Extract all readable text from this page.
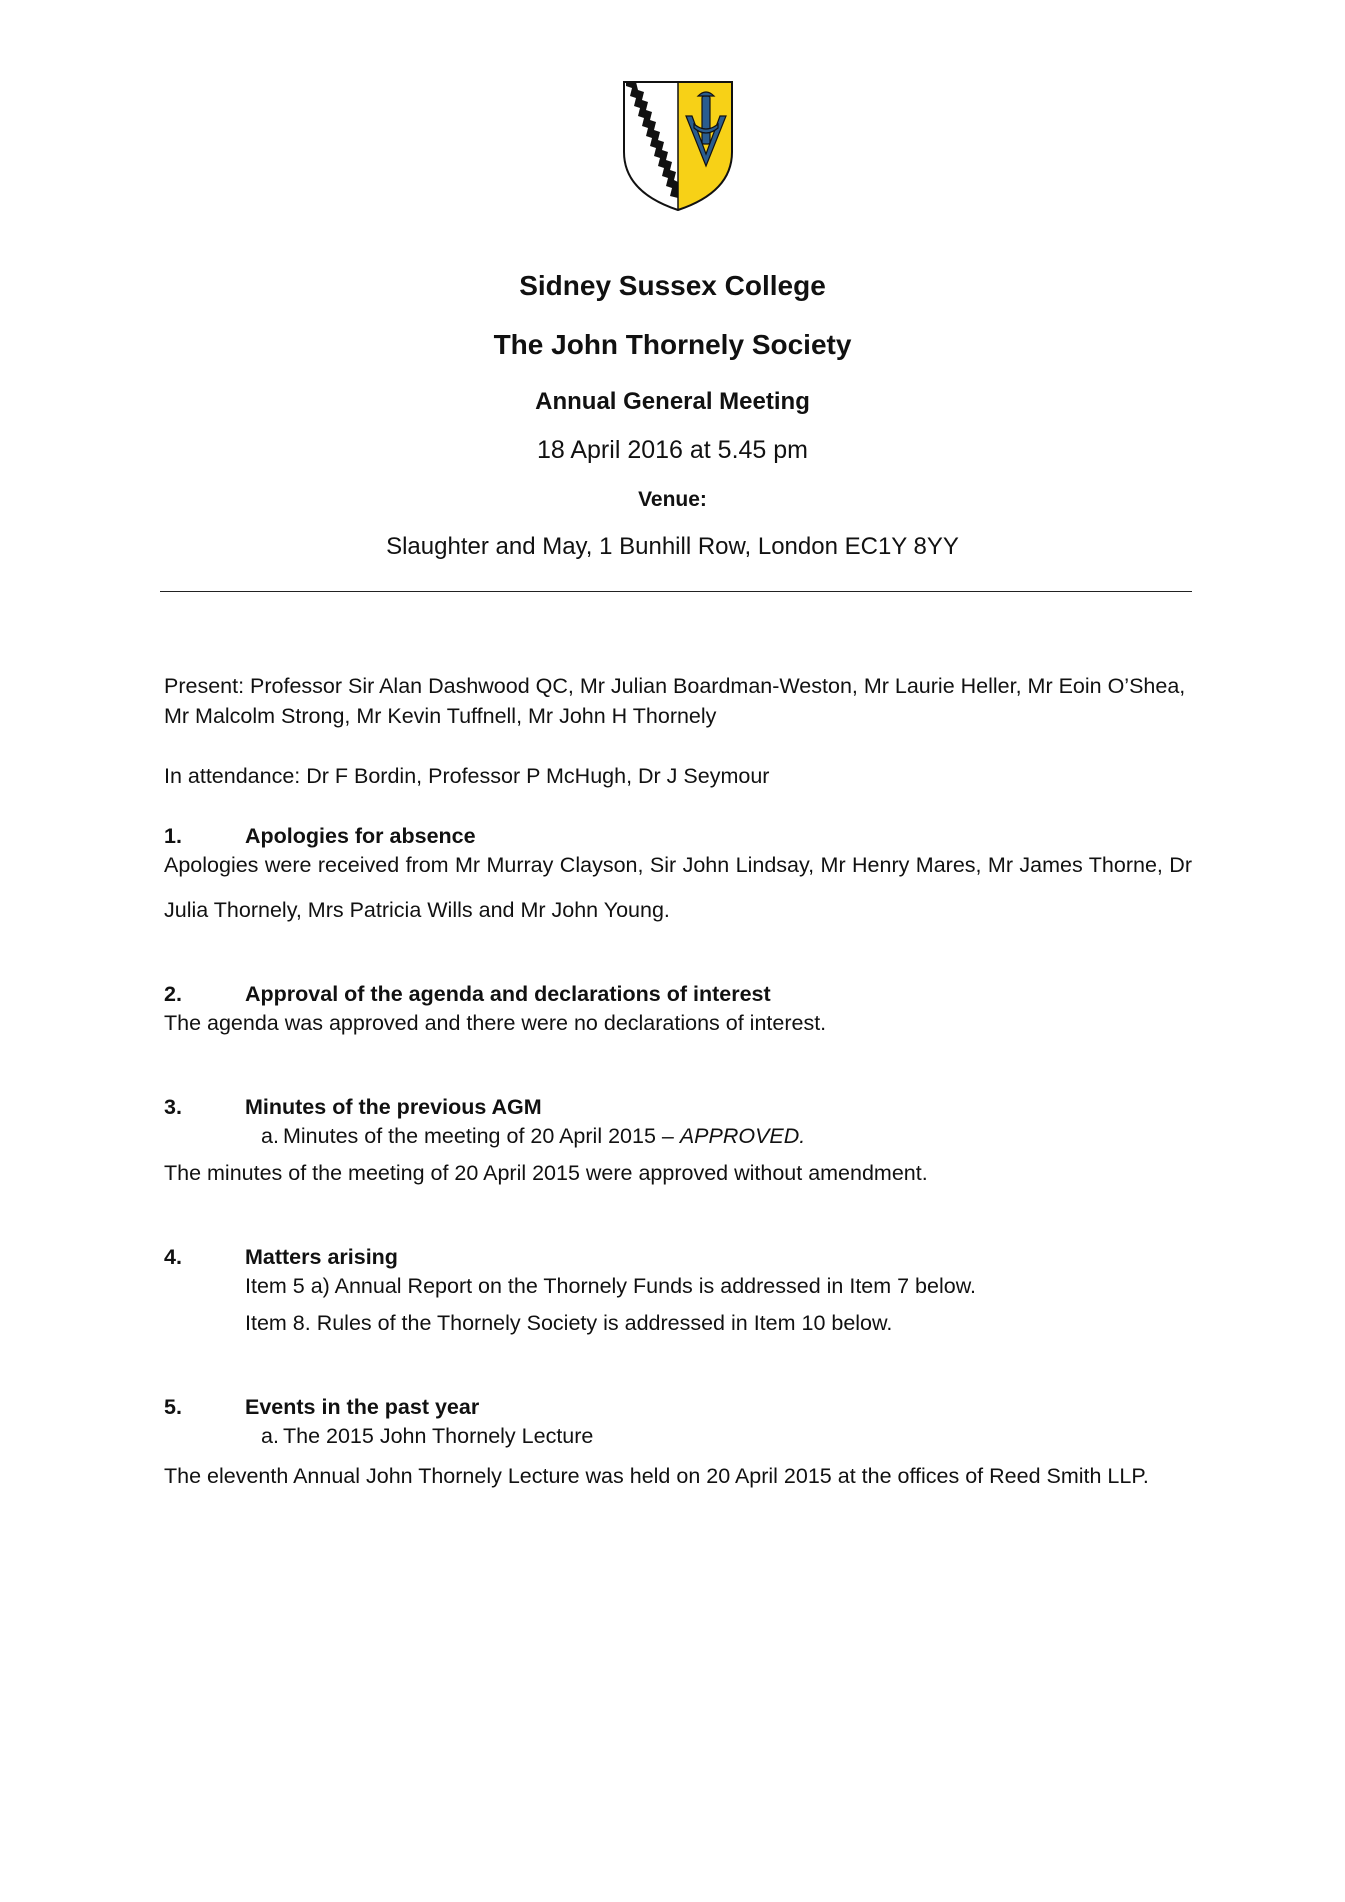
Sidney Sussex College
The John Thornely Society
Annual General Meeting
18 April 2016 at 5.45 pm
Venue:
Slaughter and May, 1 Bunhill Row, London EC1Y 8YY

Present: Professor Sir Alan Dashwood QC, Mr Julian Boardman-Weston, Mr Laurie Heller, Mr Eoin O’Shea, Mr Malcolm Strong, Mr Kevin Tuffnell, Mr John H Thornely

In attendance: Dr F Bordin, Professor P McHugh, Dr J Seymour

1.	Apologies for absence

Apologies were received from Mr Murray Clayson, Sir John Lindsay, Mr Henry Mares, Mr James Thorne, Dr Julia Thornely, Mrs Patricia Wills and Mr John Young.

2.	Approval of the agenda and declarations of interest

The agenda was approved and there were no declarations of interest.

3.	Minutes of the previous AGM
a. Minutes of the meeting of 20 April 2015 – APPROVED.

The minutes of the meeting of 20 April 2015 were approved without amendment.

4.	Matters arising

Item 5 a) Annual Report on the Thornely Funds is addressed in Item 7 below.

Item 8. Rules of the Thornely Society is addressed in Item 10 below.

5.	Events in the past year
a. The 2015 John Thornely Lecture

The eleventh Annual John Thornely Lecture was held on 20 April 2015 at the offices of Reed Smith LLP.
